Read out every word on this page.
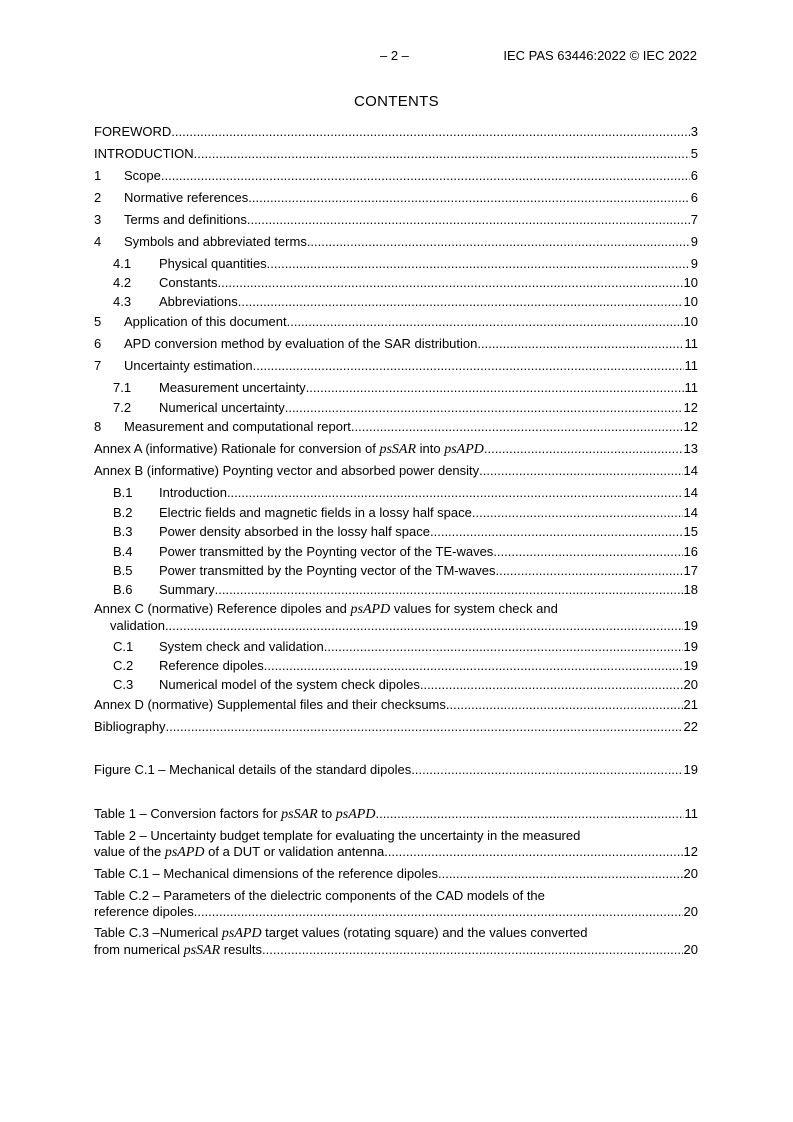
– 2 –	IEC PAS 63446:2022 © IEC 2022
CONTENTS
FOREWORD .....	3
INTRODUCTION .....	5
1	Scope .....	6
2	Normative references .....	6
3	Terms and definitions .....	7
4	Symbols and abbreviated terms .....	9
4.1	Physical quantities .....	9
4.2	Constants .....	10
4.3	Abbreviations .....	10
5	Application of this document .....	10
6	APD conversion method by evaluation of the SAR distribution .....	11
7	Uncertainty estimation .....	11
7.1	Measurement uncertainty .....	11
7.2	Numerical uncertainty .....	12
8	Measurement and computational report .....	12
Annex A (informative) Rationale for conversion of psSAR into psAPD .....	13
Annex B (informative) Poynting vector and absorbed power density .....	14
B.1	Introduction .....	14
B.2	Electric fields and magnetic fields in a lossy half space .....	14
B.3	Power density absorbed in the lossy half space .....	15
B.4	Power transmitted by the Poynting vector of the TE-waves .....	16
B.5	Power transmitted by the Poynting vector of the TM-waves .....	17
B.6	Summary .....	18
Annex C (normative) Reference dipoles and psAPD values for system check and
validation .....	19
C.1	System check and validation .....	19
C.2	Reference dipoles .....	19
C.3	Numerical model of the system check dipoles .....	20
Annex D (normative) Supplemental files and their checksums .....	21
Bibliography .....	22
Figure C.1 – Mechanical details of the standard dipoles .....	19
Table 1 – Conversion factors for psSAR to psAPD .....	11
Table 2 – Uncertainty budget template for evaluating the uncertainty in the measured
value of the psAPD of a DUT or validation antenna .....	12
Table C.1 – Mechanical dimensions of the reference dipoles .....	20
Table C.2 – Parameters of the dielectric components of the CAD models of the
reference dipoles .....	20
Table C.3 –Numerical psAPD target values (rotating square) and the values converted
from numerical psSAR results .....	20
